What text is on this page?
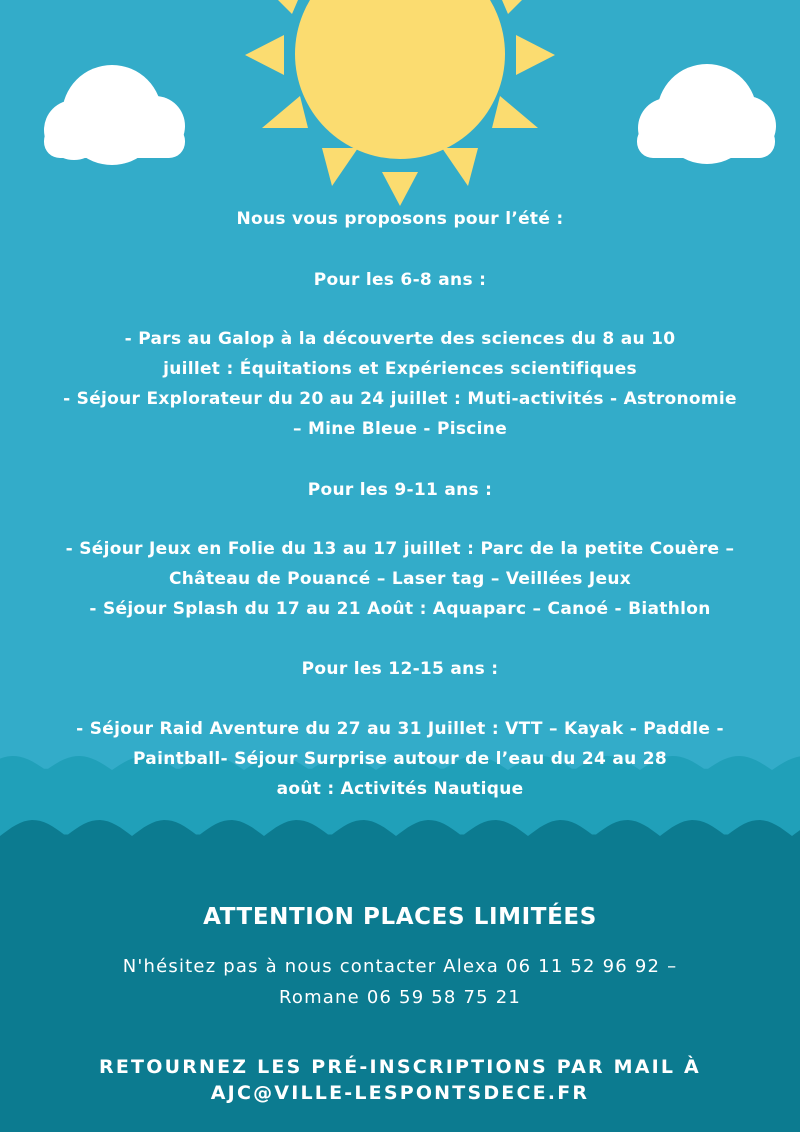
Nous vous proposons pour l’été :
Pour les 6-8 ans :
- Pars au Galop à la découverte des sciences du 8 au 10
juillet : Équitations et Expériences scientifiques
- Séjour Explorateur du 20 au 24 juillet : Muti-activités - Astronomie
– Mine Bleue - Piscine
Pour les 9-11 ans :
- Séjour Jeux en Folie du 13 au 17 juillet : Parc de la petite Couère –
Château de Pouancé – Laser tag – Veillées Jeux
- Séjour Splash du 17 au 21 Août : Aquaparc – Canoé - Biathlon
Pour les 12-15 ans :
- Séjour Raid Aventure du 27 au 31 Juillet : VTT – Kayak - Paddle -
Paintball- Séjour Surprise autour de l’eau du 24 au 28
août : Activités Nautique
ATTENTION PLACES LIMITÉES
N'hésitez pas à nous contacter Alexa 06 11 52 96 92 –
Romane 06 59 58 75 21
RETOURNEZ LES PRÉ-INSCRIPTIONS PAR MAIL À
AJC@VILLE-LESPONTSDECE.FR
